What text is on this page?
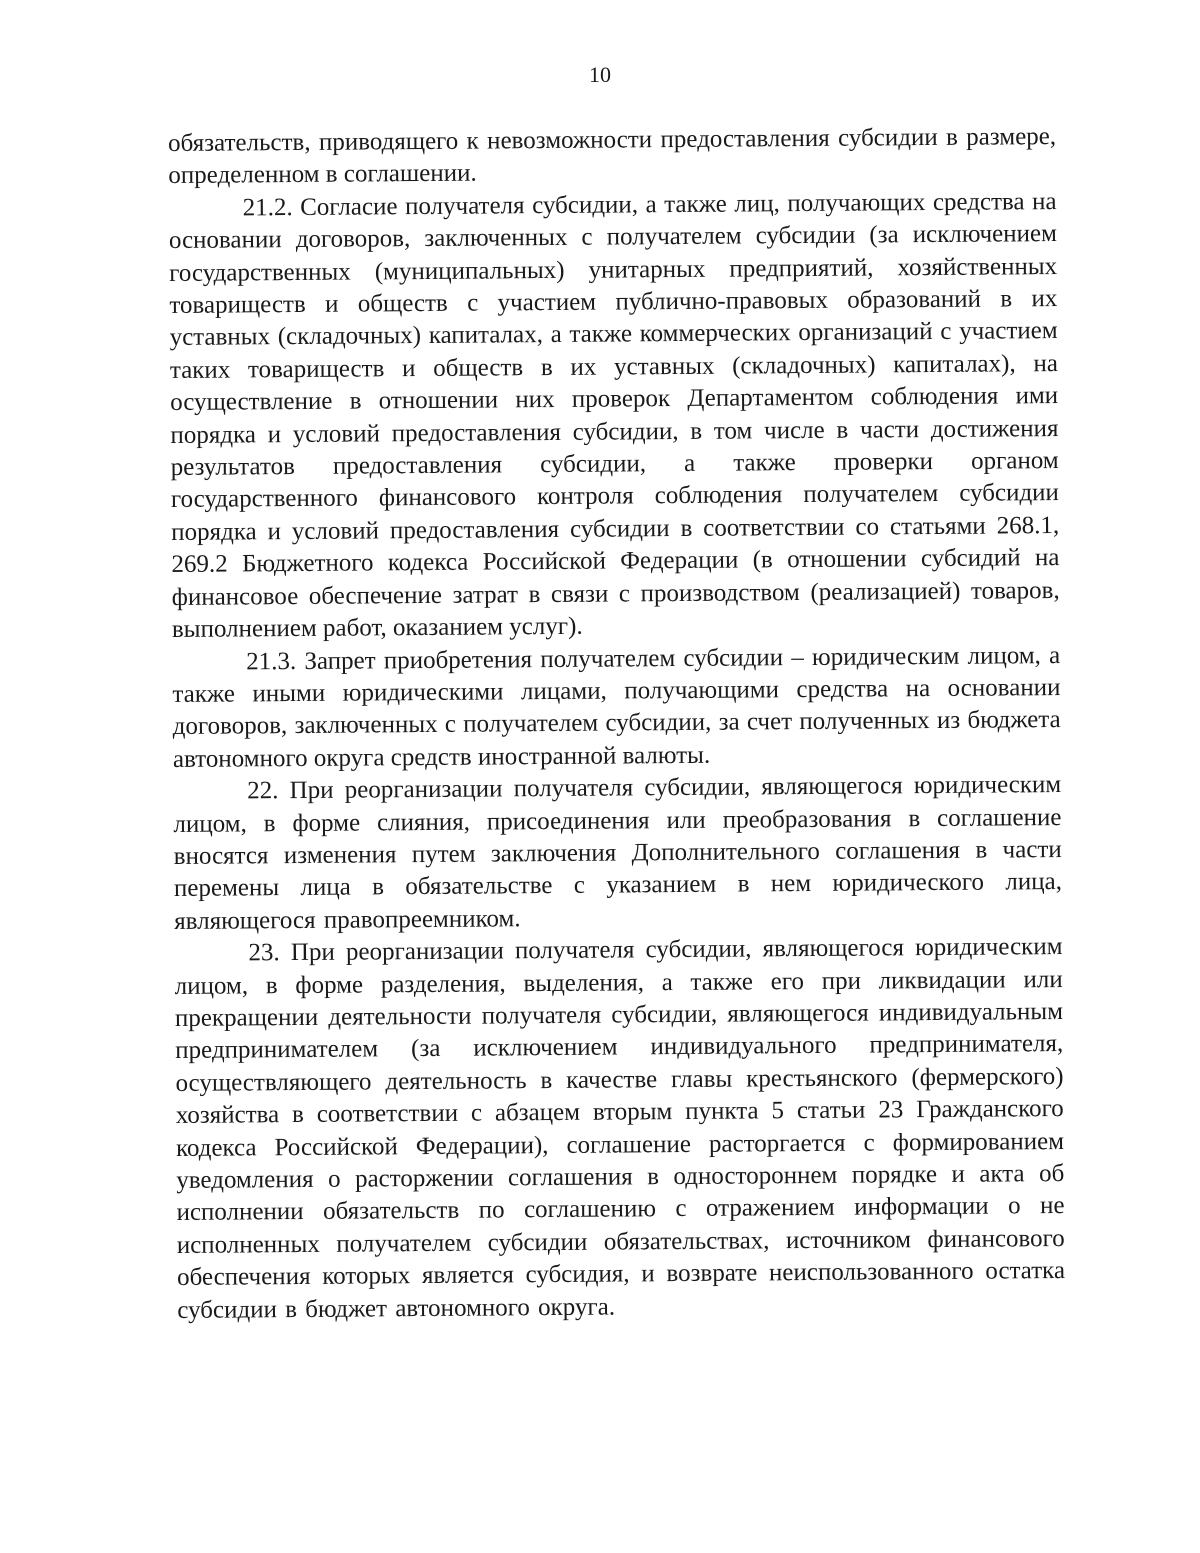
10

обязательств, приводящего к невозможности предоставления субсидии в размере, определенном в соглашении.

21.2. Согласие получателя субсидии, а также лиц, получающих средства на основании договоров, заключенных с получателем субсидии (за исключением государственных (муниципальных) унитарных предприятий, хозяйственных товариществ и обществ с участием публично-правовых образований в их уставных (складочных) капиталах, а также коммерческих организаций с участием таких товариществ и обществ в их уставных (складочных) капиталах), на осуществление в отношении них проверок Департаментом соблюдения ими порядка и условий предоставления субсидии, в том числе в части достижения результатов предоставления субсидии, а также проверки органом государственного финансового контроля соблюдения получателем субсидии порядка и условий предоставления субсидии в соответствии со статьями 268.1, 269.2 Бюджетного кодекса Российской Федерации (в отношении субсидий на финансовое обеспечение затрат в связи с производством (реализацией) товаров, выполнением работ, оказанием услуг).

21.3. Запрет приобретения получателем субсидии – юридическим лицом, а также иными юридическими лицами, получающими средства на основании договоров, заключенных с получателем субсидии, за счет полученных из бюджета автономного округа средств иностранной валюты.

22. При реорганизации получателя субсидии, являющегося юридическим лицом, в форме слияния, присоединения или преобразования в соглашение вносятся изменения путем заключения Дополнительного соглашения в части перемены лица в обязательстве с указанием в нем юридического лица, являющегося правопреемником.

23. При реорганизации получателя субсидии, являющегося юридическим лицом, в форме разделения, выделения, а также его при ликвидации или прекращении деятельности получателя субсидии, являющегося индивидуальным предпринимателем (за исключением индивидуального предпринимателя, осуществляющего деятельность в качестве главы крестьянского (фермерского) хозяйства в соответствии с абзацем вторым пункта 5 статьи 23 Гражданского кодекса Российской Федерации), соглашение расторгается с формированием уведомления о расторжении соглашения в одностороннем порядке и акта об исполнении обязательств по соглашению с отражением информации о не исполненных получателем субсидии обязательствах, источником финансового обеспечения которых является субсидия, и возврате неиспользованного остатка субсидии в бюджет автономного округа.
